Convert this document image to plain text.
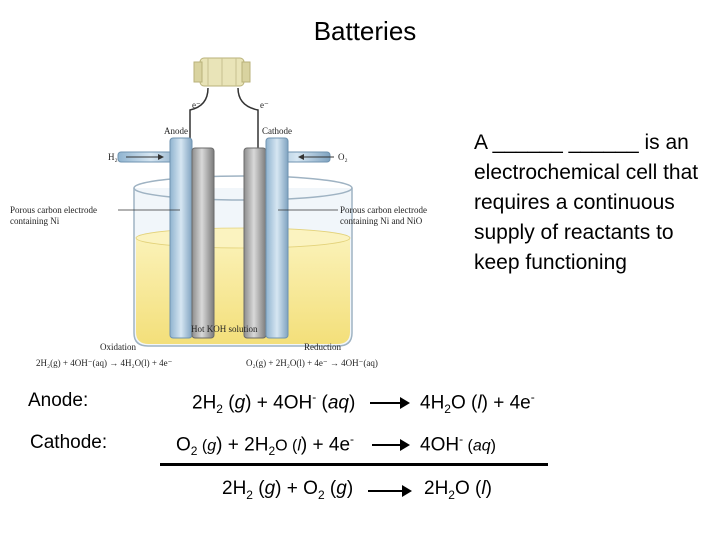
Batteries
e⁻	e⁻
Anode	Cathode
H₂	O₂
Porous carbon electrode
containing Ni
Porous carbon electrode
containing Ni and NiO
Hot KOH solution
Oxidation	Reduction
2H₂(g) + 4OH⁻(aq) → 4H₂O(l) + 4e⁻	O₂(g) + 2H₂O(l) + 4e⁻ → 4OH⁻(aq)
A ______ ______ is an electrochemical cell that requires a continuous supply of reactants to keep functioning
Anode:	$2H_2$ (g) + 4OH- (aq)	$4H_2O$ (l) + 4e-
Cathode:	$O_2$ $(g) + 2H_2O$ (l) + 4e-	4OH- (aq)
$2H_2$ $(g) + O_2$ (g)	$2H_2O$ (l)
